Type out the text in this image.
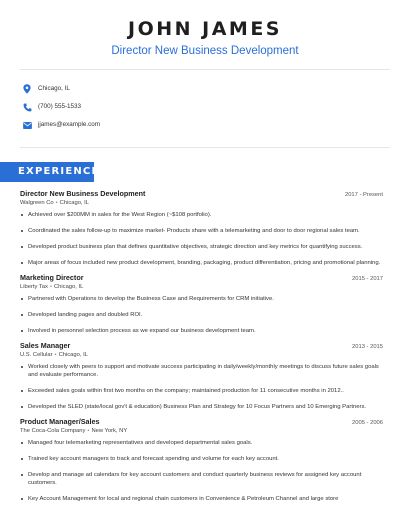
JOHN JAMES
Director New Business Development
Chicago, IL
(700) 555-1533
jjames@example.com
EXPERIENCE
Director New Business Development	2017 - Present
Walgreen Co • Chicago, IL
Achieved over $200MM in sales for the West Region (~$108 portfolio).
Coordinated the sales follow-up to maximize market- Products share with a telemarketing and door to door regional sales team.
Developed product business plan that defines quantitative objectives, strategic direction and key metrics for quantifying success.
Major areas of focus included new product development, branding, packaging, product differentiation, pricing and promotional planning.
Marketing Director	2015 - 2017
Liberty Tax • Chicago, IL
Partnered with Operations to develop the Business Case and Requirements for CRM initiative.
Developed landing pages and doubled ROI.
Involved in personnel selection process as we expand our business development team.
Sales Manager	2013 - 2015
U.S. Cellular • Chicago, IL
Worked closely with peers to support and motivate success participating in daily/weekly/monthly meetings to discuss future sales goals and evaluate performance.
Exceeded sales goals within first two months on the company; maintained production for 11 consecutive months in 2012..
Developed the SLED (state/local gov't & education) Business Plan and Strategy for 10 Focus Partners and 10 Emerging Partners.
Product Manager/Sales	2005 - 2006
The Coca-Cola Company • New York, NY
Managed four telemarketing representatives and developed departmental sales goals.
Trained key account managers to track and forecast spending and volume for each key account.
Develop and manage ad calendars for key account customers and conduct quarterly business reviews for assigned key account customers.
Key Account Management for local and regional chain customers in Convenience & Petroleum Channel and large store
